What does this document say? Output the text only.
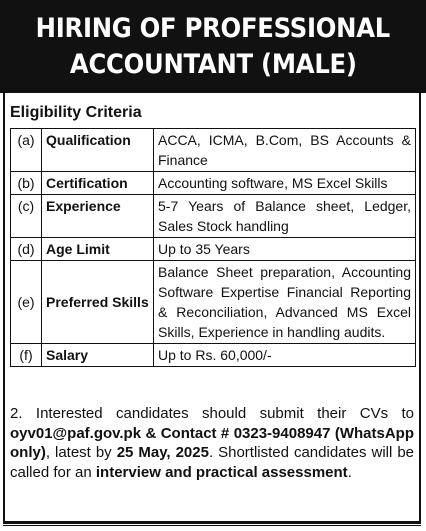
HIRING OF PROFESSIONAL
ACCOUNTANT (MALE)
Eligibility Criteria
(a)	Qualification	ACCA, ICMA, B.Com, BS Accounts & Finance
(b)	Certification	Accounting software, MS Excel Skills
(c)	Experience	5-7 Years of Balance sheet, Ledger, Sales Stock handling
(d)	Age Limit	Up to 35 Years
(e)	Preferred Skills	Balance Sheet preparation, Accounting Software Expertise Financial Reporting & Reconciliation, Advanced MS Excel Skills, Experience in handling audits.
(f)	Salary	Up to Rs. 60,000/-
2. Interested candidates should submit their CVs to oyv01@paf.gov.pk & Contact # 0323-9408947 (WhatsApp only), latest by 25 May, 2025. Shortlisted candidates will be called for an interview and practical assessment.
